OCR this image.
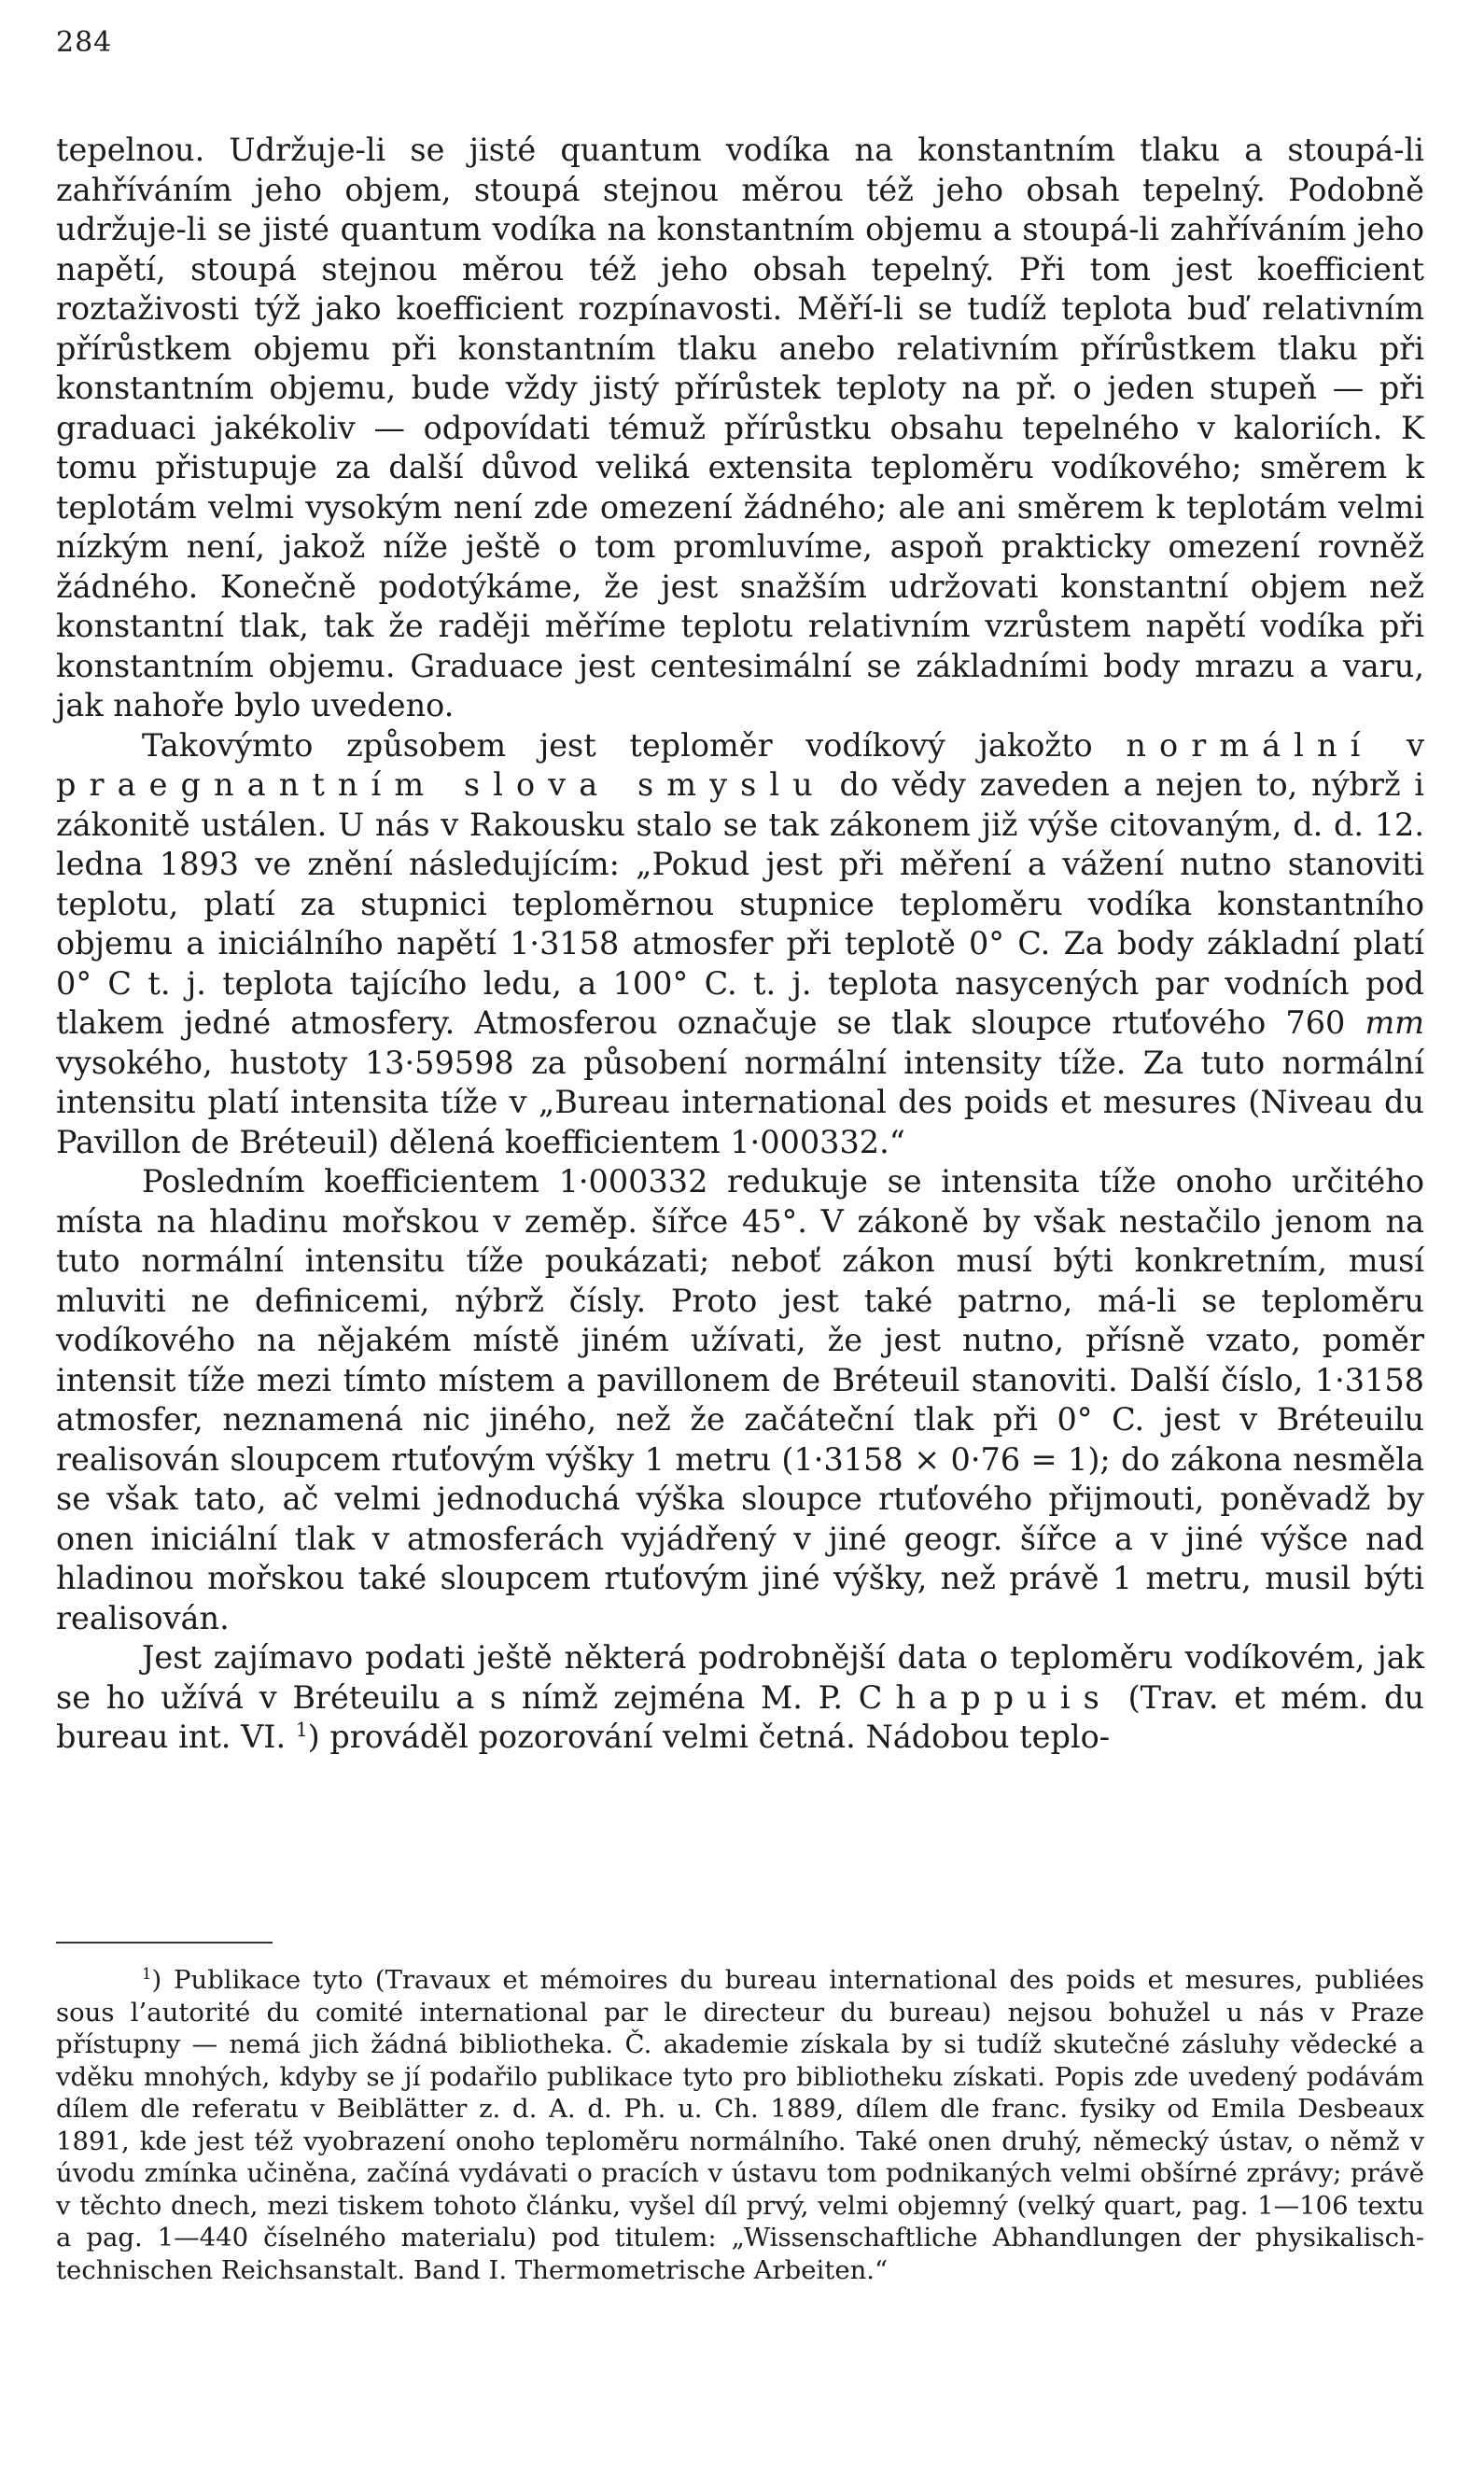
284

tepelnou. Udržuje-li se jisté quantum vodíka na konstantním tlaku a stoupá-li zahříváním jeho objem, stoupá stejnou měrou též jeho obsah tepelný. Podobně udržuje-li se jisté quantum vodíka na konstantním objemu a stoupá-li zahříváním jeho napětí, stoupá stejnou měrou též jeho obsah tepelný. Při tom jest koefficient roztaživosti týž jako koefficient rozpínavosti. Měří-li se tudíž teplota buď relativním přírůstkem objemu při konstantním tlaku anebo relativním přírůstkem tlaku při konstantním objemu, bude vždy jistý přírůstek teploty na př. o jeden stupeň — při graduaci jakékoliv — odpovídati témuž přírůstku obsahu tepelného v kaloriích. K tomu přistupuje za další důvod veliká extensita teploměru vodíkového; směrem k teplotám velmi vysokým není zde omezení žádného; ale ani směrem k teplotám velmi nízkým není, jakož níže ještě o tom promluvíme, aspoň prakticky omezení rovněž žádného. Konečně podotýkáme, že jest snažším udržovati konstantní objem než konstantní tlak, tak že raději měříme teplotu relativním vzrůstem napětí vodíka při konstantním objemu. Graduace jest centesimální se základními body mrazu a varu, jak nahoře bylo uvedeno.

Takovýmto způsobem jest teploměr vodíkový jakožto normální v praegnantním slova smyslu do vědy zaveden a nejen to, nýbrž i zákonitě ustálen. U nás v Rakousku stalo se tak zákonem již výše citovaným, d. d. 12. ledna 1893 ve znění následujícím: „Pokud jest při měření a vážení nutno stanoviti teplotu, platí za stupnici teploměrnou stupnice teploměru vodíka konstantního objemu a iniciálního napětí 1·3158 atmosfer při teplotě 0° C. Za body základní platí 0° C t. j. teplota tajícího ledu, a 100° C. t. j. teplota nasycených par vodních pod tlakem jedné atmosfery. Atmosferou označuje se tlak sloupce rtuťového 760 mm vysokého, hustoty 13·59598 za působení normální intensity tíže. Za tuto normální intensitu platí intensita tíže v „Bureau international des poids et mesures (Niveau du Pavillon de Bréteuil) dělená koefficientem 1·000332.“

Posledním koefficientem 1·000332 redukuje se intensita tíže onoho určitého místa na hladinu mořskou v zeměp. šířce 45°. V zákoně by však nestačilo jenom na tuto normální intensitu tíže poukázati; neboť zákon musí býti konkretním, musí mluviti ne definicemi, nýbrž čísly. Proto jest také patrno, má-li se teploměru vodíkového na nějakém místě jiném užívati, že jest nutno, přísně vzato, poměr intensit tíže mezi tímto místem a pavillonem de Bréteuil stanoviti. Další číslo, 1·3158 atmosfer, neznamená nic jiného, než že začáteční tlak při 0° C. jest v Bréteuilu realisován sloupcem rtuťovým výšky 1 metru (1·3158 × 0·76 = 1); do zákona nesměla se však tato, ač velmi jednoduchá výška sloupce rtuťového přijmouti, poněvadž by onen iniciální tlak v atmosferách vyjádřený v jiné geogr. šířce a v jiné výšce nad hladinou mořskou také sloupcem rtuťovým jiné výšky, než právě 1 metru, musil býti realisován.

Jest zajímavo podati ještě některá podrobnější data o teploměru vodíkovém, jak se ho užívá v Bréteuilu a s nímž zejména M. P. Chappuis (Trav. et mém. du bureau int. VI. $^1$) prováděl pozorování velmi četná. Nádobou teplo-

$^1$) Publikace tyto (Travaux et mémoires du bureau international des poids et mesures, publiées sous l’autorité du comité international par le directeur du bureau) nejsou bohužel u nás v Praze přístupny — nemá jich žádná bibliotheka. Č. akademie získala by si tudíž skutečné zásluhy vědecké a vděku mnohých, kdyby se jí podařilo publikace tyto pro bibliotheku získati. Popis zde uvedený podávám dílem dle referatu v Beiblätter z. d. A. d. Ph. u. Ch. 1889, dílem dle franc. fysiky od Emila Desbeaux 1891, kde jest též vyobrazení onoho teploměru normálního. Také onen druhý, německý ústav, o němž v úvodu zmínka učiněna, začíná vydávati o pracích v ústavu tom podnikaných velmi obšírné zprávy; právě v těchto dnech, mezi tiskem tohoto článku, vyšel díl prvý, velmi objemný (velký quart, pag. 1—106 textu a pag. 1—440 číselného materialu) pod titulem: „Wissenschaftliche Abhandlungen der physikalisch-technischen Reichsanstalt. Band I. Thermometrische Arbeiten.“
